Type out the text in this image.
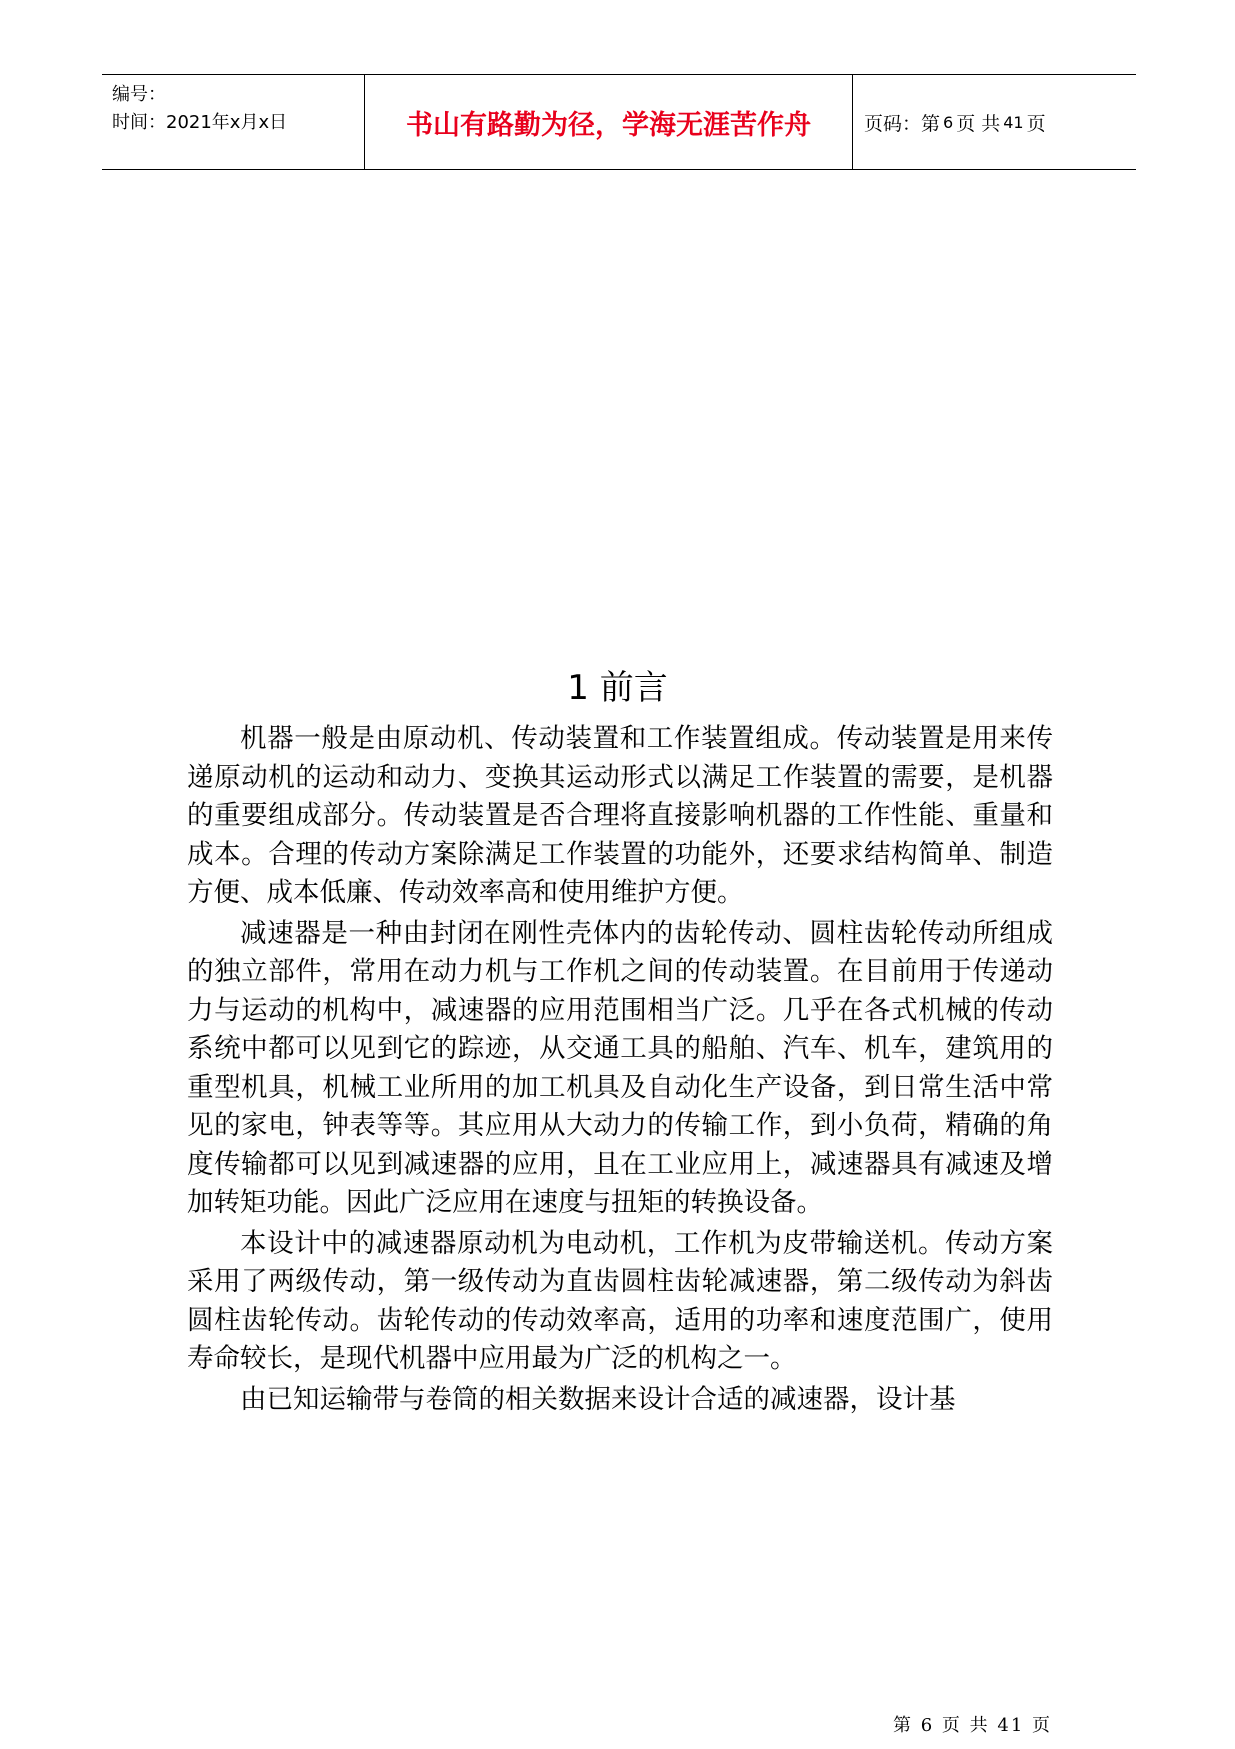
编号：
时间：2021年x月x日	书山有路勤为径，学海无涯苦作舟	页码：第 6 页 共 41 页
1 前言

机器一般是由原动机、传动装置和工作装置组成。传动装置是用来传递原动机的运动和动力、变换其运动形式以满足工作装置的需要，是机器的重要组成部分。传动装置是否合理将直接影响机器的工作性能、重量和成本。合理的传动方案除满足工作装置的功能外，还要求结构简单、制造方便、成本低廉、传动效率高和使用维护方便。

减速器是一种由封闭在刚性壳体内的齿轮传动、圆柱齿轮传动所组成的独立部件，常用在动力机与工作机之间的传动装置。在目前用于传递动力与运动的机构中，减速器的应用范围相当广泛。几乎在各式机械的传动系统中都可以见到它的踪迹，从交通工具的船舶、汽车、机车，建筑用的重型机具，机械工业所用的加工机具及自动化生产设备，到日常生活中常见的家电，钟表等等。其应用从大动力的传输工作，到小负荷，精确的角度传输都可以见到减速器的应用，且在工业应用上，减速器具有减速及增加转矩功能。因此广泛应用在速度与扭矩的转换设备。

本设计中的减速器原动机为电动机，工作机为皮带输送机。传动方案采用了两级传动，第一级传动为直齿圆柱齿轮减速器，第二级传动为斜齿圆柱齿轮传动。齿轮传动的传动效率高，适用的功率和速度范围广，使用寿命较长，是现代机器中应用最为广泛的机构之一。

由已知运输带与卷筒的相关数据来设计合适的减速器，设计基

第 6 页 共 41 页
